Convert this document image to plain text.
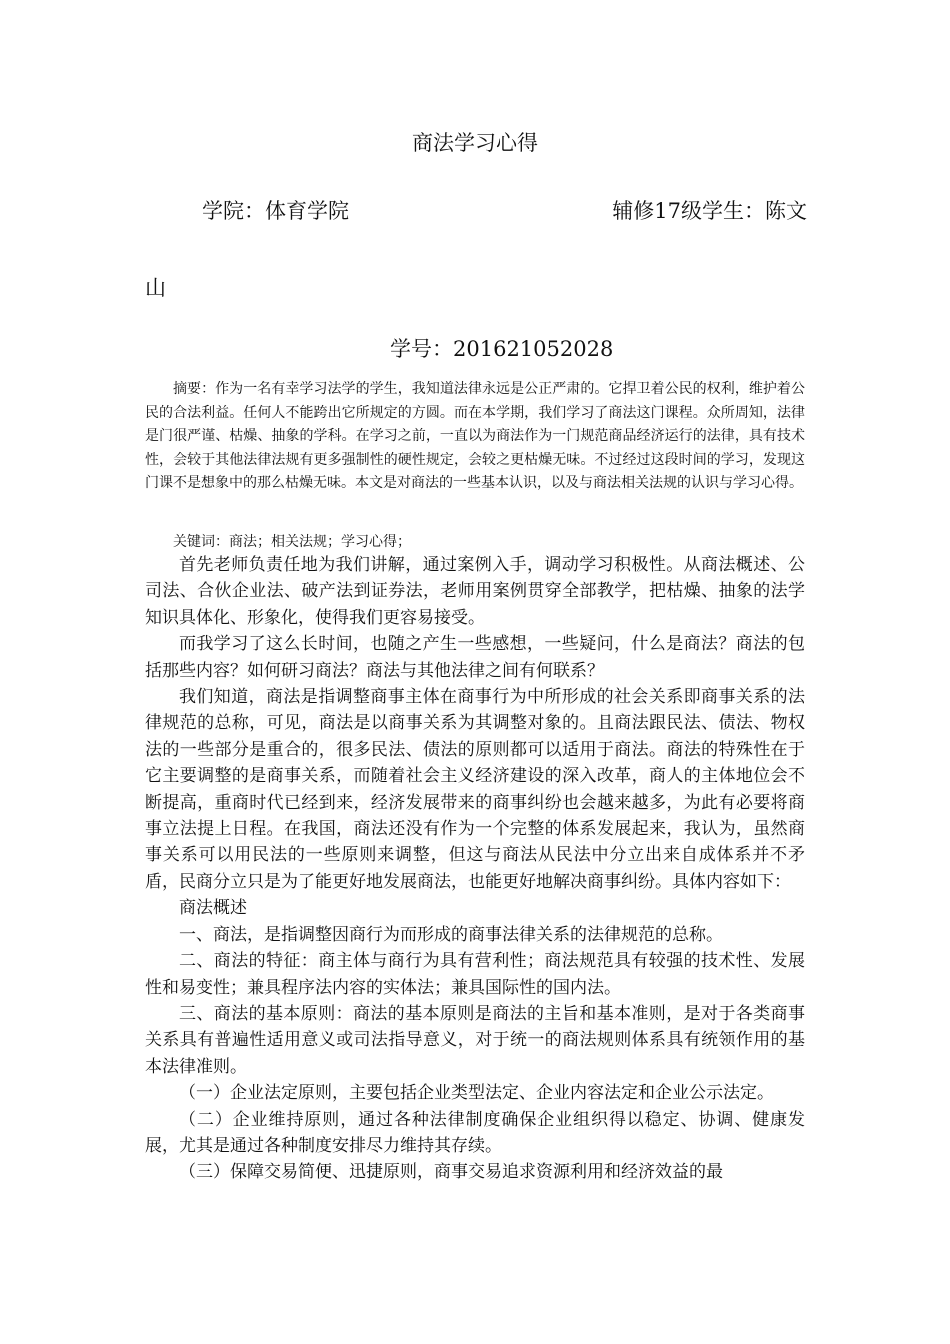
商法学习心得
学院：体育学院	辅修17级学生：陈文
山
学号：201621052028

摘要：作为一名有幸学习法学的学生，我知道法律永远是公正严肃的。它捍卫着公民的权利，维护着公民的合法利益。任何人不能跨出它所规定的方圆。而在本学期，我们学习了商法这门课程。众所周知，法律是门很严谨、枯燥、抽象的学科。在学习之前，一直以为商法作为一门规范商品经济运行的法律，具有技术性，会较于其他法律法规有更多强制性的硬性规定，会较之更枯燥无味。不过经过这段时间的学习，发现这门课不是想象中的那么枯燥无味。本文是对商法的一些基本认识，以及与商法相关法规的认识与学习心得。

关键词：商法；相关法规；学习心得；

首先老师负责任地为我们讲解，通过案例入手，调动学习积极性。从商法概述、公司法、合伙企业法、破产法到证券法，老师用案例贯穿全部教学，把枯燥、抽象的法学知识具体化、形象化，使得我们更容易接受。

而我学习了这么长时间，也随之产生一些感想，一些疑问，什么是商法？商法的包括那些内容？如何研习商法？商法与其他法律之间有何联系？

我们知道，商法是指调整商事主体在商事行为中所形成的社会关系即商事关系的法律规范的总称，可见，商法是以商事关系为其调整对象的。且商法跟民法、债法、物权法的一些部分是重合的，很多民法、债法的原则都可以适用于商法。商法的特殊性在于它主要调整的是商事关系，而随着社会主义经济建设的深入改革，商人的主体地位会不断提高，重商时代已经到来，经济发展带来的商事纠纷也会越来越多，为此有必要将商事立法提上日程。在我国，商法还没有作为一个完整的体系发展起来，我认为，虽然商事关系可以用民法的一些原则来调整，但这与商法从民法中分立出来自成体系并不矛盾，民商分立只是为了能更好地发展商法，也能更好地解决商事纠纷。具体内容如下：

商法概述

一、商法，是指调整因商行为而形成的商事法律关系的法律规范的总称。

二、商法的特征：商主体与商行为具有营利性；商法规范具有较强的技术性、发展性和易变性；兼具程序法内容的实体法；兼具国际性的国内法。

三、商法的基本原则：商法的基本原则是商法的主旨和基本准则，是对于各类商事关系具有普遍性适用意义或司法指导意义，对于统一的商法规则体系具有统领作用的基本法律准则。

（一）企业法定原则，主要包括企业类型法定、企业内容法定和企业公示法定。

（二）企业维持原则，通过各种法律制度确保企业组织得以稳定、协调、健康发展，尤其是通过各种制度安排尽力维持其存续。

（三）保障交易简便、迅捷原则，商事交易追求资源利用和经济效益的最
